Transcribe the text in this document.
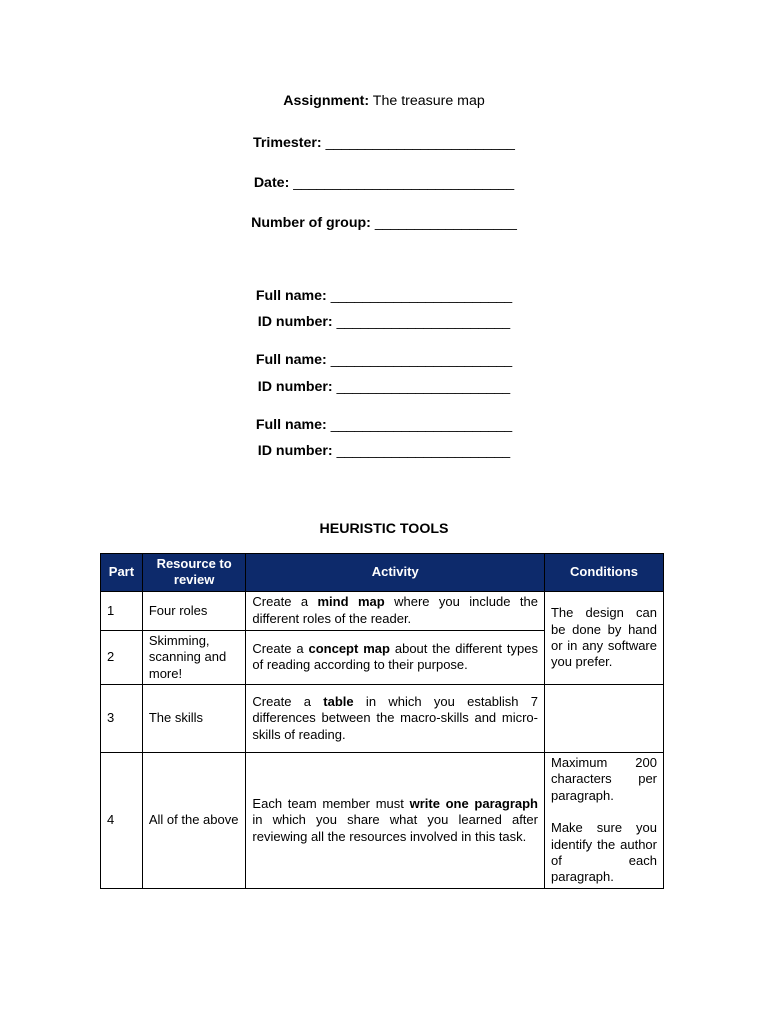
Assignment: The treasure map
Trimester: ________________________
Date: ____________________________
Number of group: __________________
Full name: _______________________
ID number: ______________________
Full name: _______________________
ID number: ______________________
Full name: _______________________
ID number: ______________________
HEURISTIC TOOLS
Part	Resource to review	Activity	Conditions
1	Four roles	Create a mind map where you include the different roles of the reader.	The design can be done by hand or in any software you prefer.
2	Skimming, scanning and more!	Create a concept map about the different types of reading according to their purpose.	
3	The skills	Create a table in which you establish 7 differences between the macro-skills and micro-skills of reading.	
4	All of the above	Each team member must write one paragraph in which you share what you learned after reviewing all the resources involved in this task.	Maximum 200 characters per paragraph.

Make sure you identify the author of each paragraph.
